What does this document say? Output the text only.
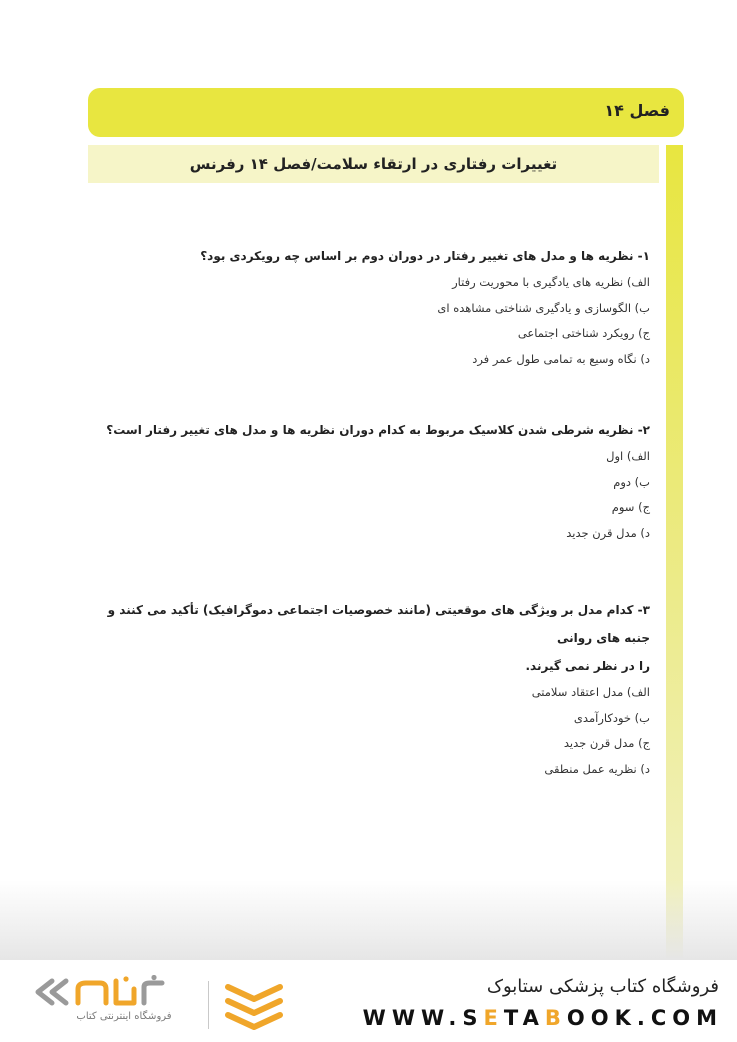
فصل ۱۴
تغییرات رفتاری در ارتقاء سلامت/فصل ۱۴ رفرنس

۱- نظریه ها و مدل های تغییر رفتار در دوران دوم بر اساس چه رویکردی بود؟

الف) نظریه های یادگیری با محوریت رفتار

ب) الگوسازی و یادگیری شناختی مشاهده ای

ج) رویکرد شناختی اجتماعی

د) نگاه وسیع به تمامی طول عمر فرد

۲- نظریه شرطی شدن کلاسیک مربوط به کدام دوران نظریه ها و مدل های تغییر رفتار است؟

الف) اول

ب) دوم

ج) سوم

د) مدل قرن جدید

۳- کدام مدل بر ویژگی های موقعیتی (مانند خصوصیات اجتماعی دموگرافیک) تأکید می کنند و جنبه های روانی

را در نظر نمی گیرند.

الف) مدل اعتقاد سلامتی

ب) خودکارآمدی

ج) مدل قرن جدید

د) نظریه عمل منطقی

فروشگاه کتاب پزشکی ستابوک
WWW.SETABOOK.COM
فروشگاه اینترنتی کتاب
